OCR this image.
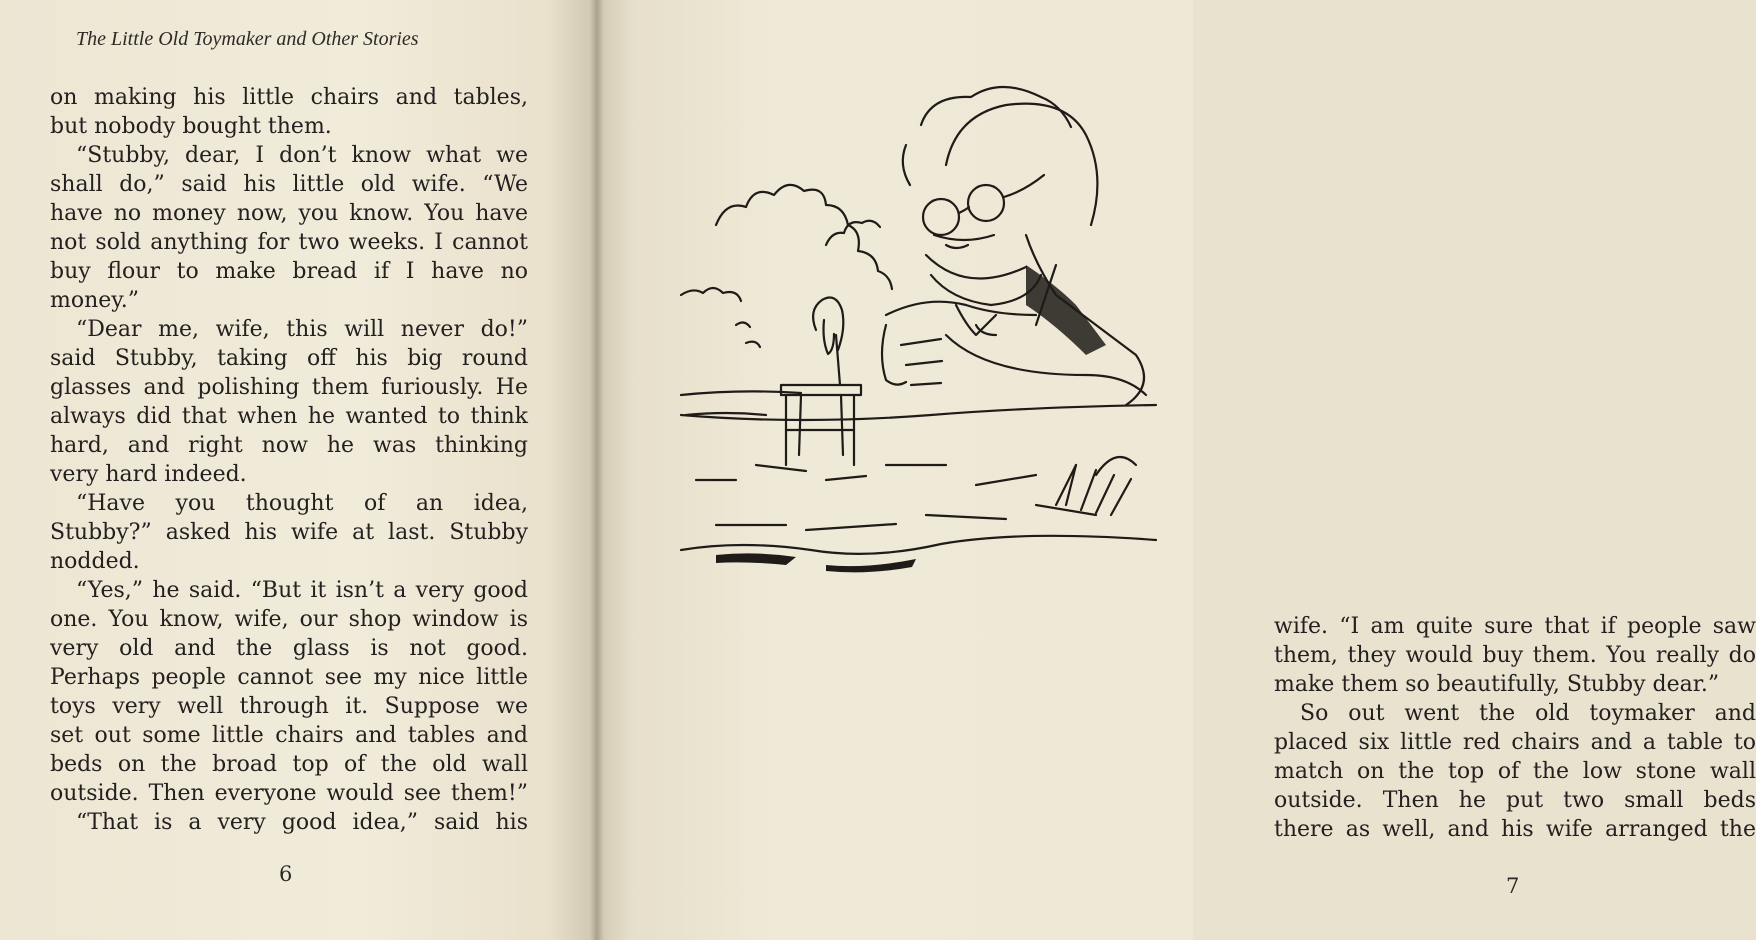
The Little Old Toymaker and Other Stories
on making his little chairs and tables,
but nobody bought them.
“Stubby, dear, I don’t know what we
shall do,” said his little old wife. “We
have no money now, you know. You have
not sold anything for two weeks. I cannot
buy flour to make bread if I have no
money.”
“Dear me, wife, this will never do!”
said Stubby, taking off his big round
glasses and polishing them furiously. He
always did that when he wanted to think
hard, and right now he was thinking
very hard indeed.
“Have you thought of an idea,
Stubby?” asked his wife at last. Stubby
nodded.
“Yes,” he said. “But it isn’t a very good
one. You know, wife, our shop window is
very old and the glass is not good.
Perhaps people cannot see my nice little
toys very well through it. Suppose we
set out some little chairs and tables and
beds on the broad top of the old wall
outside. Then everyone would see them!”
“That is a very good idea,” said his
6
wife. “I am quite sure that if people saw
them, they would buy them. You really do
make them so beautifully, Stubby dear.”
So out went the old toymaker and
placed six little red chairs and a table to
match on the top of the low stone wall
outside. Then he put two small beds
there as well, and his wife arranged the
7
